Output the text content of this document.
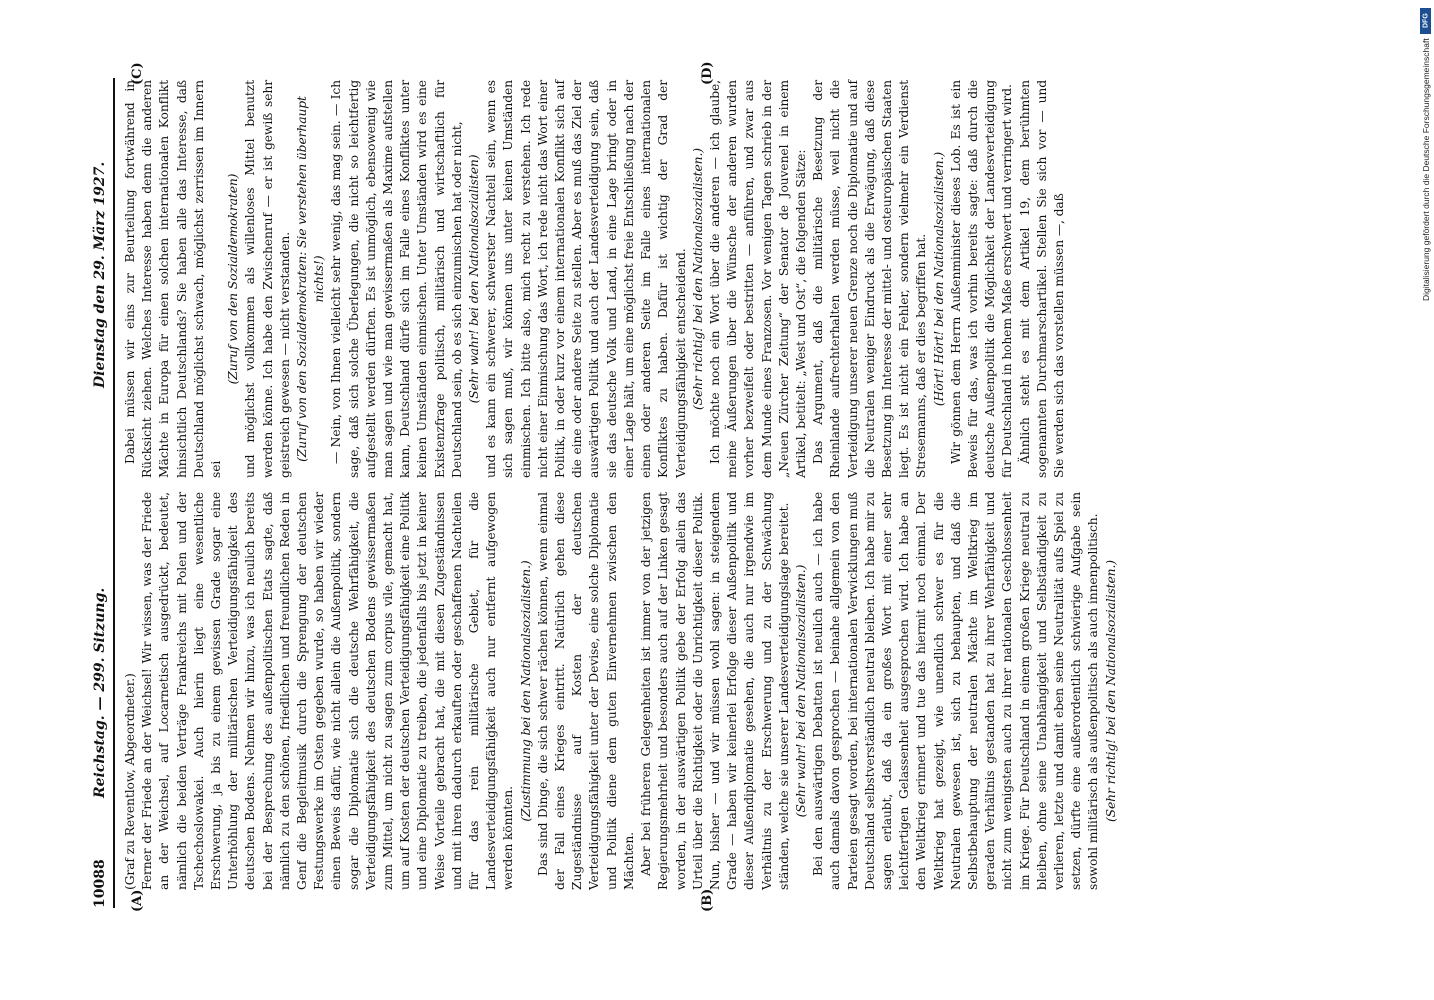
10088
Reichstag. — 299. Sitzung.
Dienstag den 29. März 1927.
(A)	(B)
(C)	(D)

(Graf zu Reventlow, Abgeordneter.) Ferner der Friede an der Weichsel! Wir wissen, was der Friede an der Weichsel, auf Locarnetisch ausgedrückt, bedeutet, nämlich die beiden Verträge Frankreichs mit Polen und der Tschechoslowakei. Auch hierin liegt eine wesentliche Erschwerung, ja bis zu einem gewissen Grade sogar eine Unterhöhlung der militärischen Verteidigungsfähigkeit des deutschen Bodens. Nehmen wir hinzu, was ich neulich bereits bei der Besprechung des außenpolitischen Etats sagte, daß nämlich zu den schönen, friedlichen und freundlichen Reden in Genf die Begleitmusik durch die Sprengung der deutschen Festungswerke im Osten gegeben wurde, so haben wir wieder einen Beweis dafür, wie nicht allein die Außenpolitik, sondern sogar die Diplomatie sich die deutsche Wehrfähigkeit, die Verteidigungsfähigkeit des deutschen Bodens gewissermaßen zum Mittel, um nicht zu sagen zum corpus vile, gemacht hat, um auf Kosten der deutschen Verteidigungsfähigkeit eine Politik und eine Diplomatie zu treiben, die jedenfalls bis jetzt in keiner Weise Vorteile gebracht hat, die mit diesen Zugeständnissen und mit ihren dadurch erkauften oder geschaffenen Nachteilen für das rein militärische Gebiet, für die Landesverteidigungsfähigkeit auch nur entfernt aufgewogen werden könnten.

(Zustimmung bei den Nationalsozialisten.) Das sind Dinge, die sich schwer rächen können, wenn einmal der Fall eines Krieges eintritt. Natürlich gehen diese Zugeständnisse auf Kosten der deutschen Verteidigungsfähigkeit unter der Devise, eine solche Diplomatie und Politik diene dem guten Einvernehmen zwischen den Mächten. Aber bei früheren Gelegenheiten ist immer von der jetzigen Regierungsmehrheit und besonders auch auf der Linken gesagt worden, in der auswärtigen Politik gebe der Erfolg allein das Urteil über die Richtigkeit oder die Unrichtigkeit dieser Politik. Nun, bisher — und wir müssen wohl sagen: in steigendem Grade — haben wir keinerlei Erfolge dieser Außenpolitik und dieser Außendiplomatie gesehen, die auch nur irgendwie im Verhältnis zu der Erschwerung und zu der Schwächung ständen, welche sie unserer Landesverteidigungslage bereitet. (Sehr wahr! bei den Nationalsozialisten.) Bei den auswärtigen Debatten ist neulich auch — ich habe auch damals davon gesprochen — beinahe allgemein von den Parteien gesagt worden, bei internationalen Verwicklungen muß Deutschland selbstverständlich neutral bleiben. Ich habe mir zu sagen erlaubt, daß da ein großes Wort mit einer sehr leichtfertigen Gelassenheit ausgesprochen wird. Ich habe an den Weltkrieg erinnert und tue das hiermit noch einmal. Der Weltkrieg hat gezeigt, wie unendlich schwer es für die Neutralen gewesen ist, sich zu behaupten, und daß die Selbstbehauptung der neutralen Mächte im Weltkrieg im geraden Verhältnis gestanden hat zu ihrer Wehrfähigkeit und nicht zum wenigsten auch zu ihrer nationalen Geschlossenheit im Kriege. Für Deutschland in einem großen Kriege neutral zu bleiben, ohne seine Unabhängigkeit und Selbständigkeit zu verlieren, letzte und damit eben seine Neutralität aufs Spiel zu setzen, dürfte eine außerordentlich schwierige Aufgabe sein sowohl militärisch als außenpolitisch als auch innenpolitisch. (Sehr richtig! bei den Nationalsozialisten.)

Dabei müssen wir eins zur Beurteilung fortwährend in Rücksicht ziehen. Welches Interesse haben denn die anderen Mächte in Europa für einen solchen internationalen Konflikt hinsichtlich Deutschlands? Sie haben alle das Interesse, daß Deutschland möglichst schwach, möglichst zerrissen im Innern sei

(Zuruf von den Sozialdemokraten) und möglichst vollkommen als willenloses Mittel benutzt werden könne. Ich habe den Zwischenruf — er ist gewiß sehr geistreich gewesen — nicht verstanden. (Zuruf von den Sozialdemokraten: Sie verstehen überhaupt nichts!) — Nein, von Ihnen vielleicht sehr wenig, das mag sein. — Ich sage, daß sich solche Überlegungen, die nicht so leichtfertig aufgestellt werden dürften. Es ist unmöglich, ebensowenig wie man sagen und wie man gewissermaßen als Maxime aufstellen kann, Deutschland dürfe sich im Falle eines Konfliktes unter keinen Umständen einmischen. Unter Umständen wird es eine Existenzfrage politisch, militärisch und wirtschaftlich für Deutschland sein, ob es sich einzumischen hat oder nicht, (Sehr wahr! bei den Nationalsozialisten) und es kann ein schwerer, schwerster Nachteil sein, wenn es sich sagen muß, wir können uns unter keinen Umständen einmischen. Ich bitte also, mich recht zu verstehen. Ich rede nicht einer Einmischung das Wort, ich rede nicht das Wort einer Politik, in oder kurz vor einem internationalen Konflikt sich auf die eine oder andere Seite zu stellen. Aber es muß das Ziel der auswärtigen Politik und auch der Landesverteidigung sein, daß sie das deutsche Volk und Land, in eine Lage bringt oder in einer Lage hält, um eine möglichst freie Entschließung nach der einen oder anderen Seite im Falle eines internationalen Konfliktes zu haben. Dafür ist wichtig der Grad der Verteidigungsfähigkeit entscheidend. (Sehr richtig! bei den Nationalsozialisten.) Ich möchte noch ein Wort über die anderen — ich glaube, meine Äußerungen über die Wünsche der anderen wurden vorher bezweifelt oder bestritten — anführen, und zwar aus dem Munde eines Franzosen. Vor wenigen Tagen schrieb in der „Neuen Zürcher Zeitung“ der Senator de Jouvenel in einem Artikel, betitelt: „West und Ost“, die folgenden Sätze: Das Argument, daß die militärische Besetzung der Rheinlande aufrechterhalten werden müsse, weil nicht die Verteidigung unserer neuen Grenze noch die Diplomatie und auf die Neutralen weniger Eindruck als die Erwägung, daß diese Besetzung im Interesse der mittel- und osteuropäischen Staaten liegt. Es ist nicht ein Fehler, sondern vielmehr ein Verdienst Stresemanns, daß er dies begriffen hat. (Hört! Hört! bei den Nationalsozialisten.) Wir gönnen dem Herrn Außenminister dieses Lob. Es ist ein Beweis für das, was ich vorhin bereits sagte: daß durch die deutsche Außenpolitik die Möglichkeit der Landesverteidigung für Deutschland in hohem Maße erschwert und verringert wird. Ähnlich steht es mit dem Artikel 19, dem berühmten sogenannten Durchmarschartikel. Stellen Sie sich vor — und Sie werden sich das vorstellen müssen —, daß

Digitalisierung gefördert durch die Deutsche Forschungsgemeinschaft
DFG
